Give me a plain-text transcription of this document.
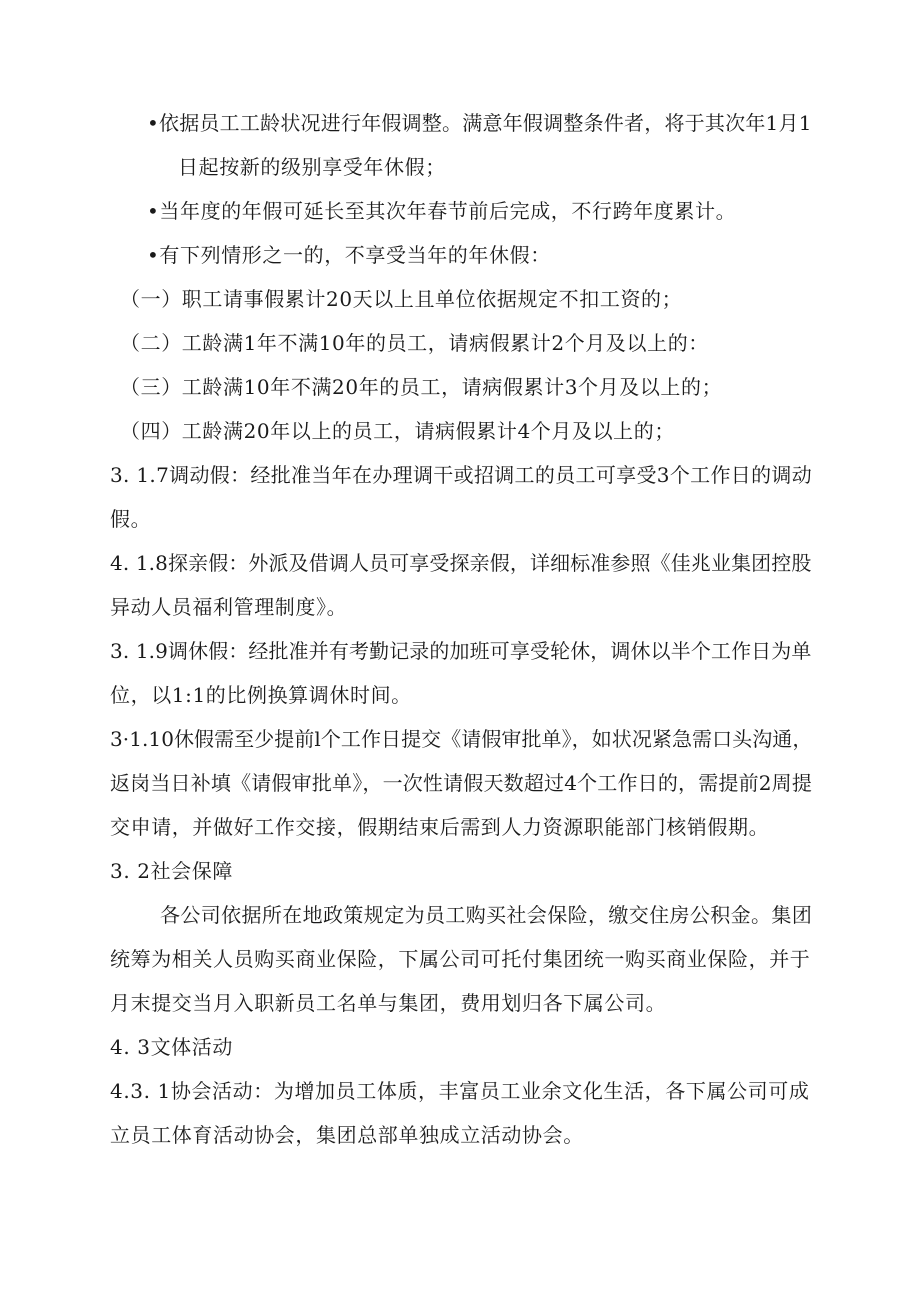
•依据员工工龄状况进行年假调整。满意年假调整条件者，将于其次年1月1
日起按新的级别享受年休假；
•当年度的年假可延长至其次年春节前后完成，不行跨年度累计。
•有下列情形之一的，不享受当年的年休假：
（一）职工请事假累计20天以上且单位依据规定不扣工资的；
（二）工龄满1年不满10年的员工，请病假累计2个月及以上的：
（三）工龄满10年不满20年的员工，请病假累计3个月及以上的；
（四）工龄满20年以上的员工，请病假累计4个月及以上的；
3. 1.7调动假：经批准当年在办理调干或招调工的员工可享受3个工作日的调动
假。
4. 1.8探亲假：外派及借调人员可享受探亲假，详细标准参照《佳兆业集团控股
异动人员福利管理制度》。
3. 1.9调休假：经批准并有考勤记录的加班可享受轮休，调休以半个工作日为单
位，以1:1的比例换算调休时间。
3·1.10休假需至少提前l个工作日提交《请假审批单》，如状况紧急需口头沟通，
返岗当日补填《请假审批单》，一次性请假天数超过4个工作日的，需提前2周提
交申请，并做好工作交接，假期结束后需到人力资源职能部门核销假期。
3. 2社会保障
各公司依据所在地政策规定为员工购买社会保险，缴交住房公积金。集团
统筹为相关人员购买商业保险，下属公司可托付集团统一购买商业保险，并于
月末提交当月入职新员工名单与集团，费用划归各下属公司。
4. 3文体活动
4.3. 1协会活动：为增加员工体质，丰富员工业余文化生活，各下属公司可成
立员工体育活动协会，集团总部单独成立活动协会。
